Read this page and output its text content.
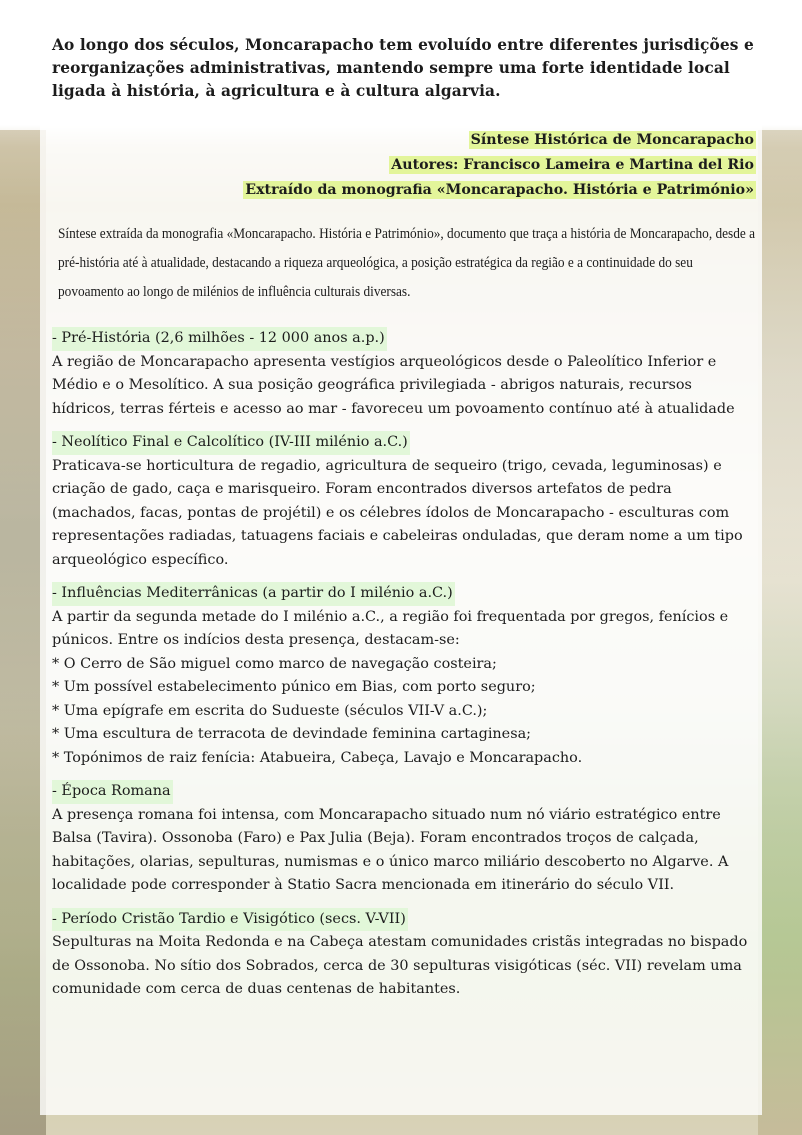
Ao longo dos séculos, Moncarapacho tem evoluído entre diferentes jurisdições e reorganizações administrativas, mantendo sempre uma forte identidade local ligada à história, à agricultura e à cultura algarvia.

Síntese Histórica de Moncarapacho
Autores: Francisco Lameira e Martina del Rio
Extraído da monografia «Moncarapacho. História e Património»
Síntese extraída da monografia «Moncarapacho. História e Património», documento que traça a história de Moncarapacho, desde a pré-história até à atualidade, destacando a riqueza arqueológica, a posição estratégica da região e a continuidade do seu povoamento ao longo de milénios de influência culturais diversas.
- Pré-História (2,6 milhões - 12 000 anos a.p.)

A região de Moncarapacho apresenta vestígios arqueológicos desde o Paleolítico Inferior e Médio e o Mesolítico. A sua posição geográfica privilegiada - abrigos naturais, recursos hídricos, terras férteis e acesso ao mar - favoreceu um povoamento contínuo até à atualidade

- Neolítico Final e Calcolítico (IV-III milénio a.C.)

Praticava-se horticultura de regadio, agricultura de sequeiro (trigo, cevada, leguminosas) e criação de gado, caça e marisqueiro. Foram encontrados diversos artefatos de pedra (machados, facas, pontas de projétil) e os célebres ídolos de Moncarapacho - esculturas com representações radiadas, tatuagens faciais e cabeleiras onduladas, que deram nome a um tipo arqueológico específico.

- Influências Mediterrânicas (a partir do I milénio a.C.)

A partir da segunda metade do I milénio a.C., a região foi frequentada por gregos, fenícios e púnicos. Entre os indícios desta presença, destacam-se:

* O Cerro de São miguel como marco de navegação costeira;
* Um possível estabelecimento púnico em Bias, com porto seguro;
* Uma epígrafe em escrita do Sudueste (séculos VII-V a.C.);
* Uma escultura de terracota de devindade feminina cartaginesa;
* Topónimos de raiz fenícia: Atabueira, Cabeça, Lavajo e Moncarapacho.
- Época Romana

A presença romana foi intensa, com Moncarapacho situado num nó viário estratégico entre Balsa (Tavira). Ossonoba (Faro) e Pax Julia (Beja). Foram encontrados troços de calçada, habitações, olarias, sepulturas, numismas e o único marco miliário descoberto no Algarve. A localidade pode corresponder à Statio Sacra mencionada em itinerário do século VII.

- Período Cristão Tardio e Visigótico (secs. V-VII)

Sepulturas na Moita Redonda e na Cabeça atestam comunidades cristãs integradas no bispado de Ossonoba. No sítio dos Sobrados, cerca de 30 sepulturas visigóticas (séc. VII) revelam uma comunidade com cerca de duas centenas de habitantes.
